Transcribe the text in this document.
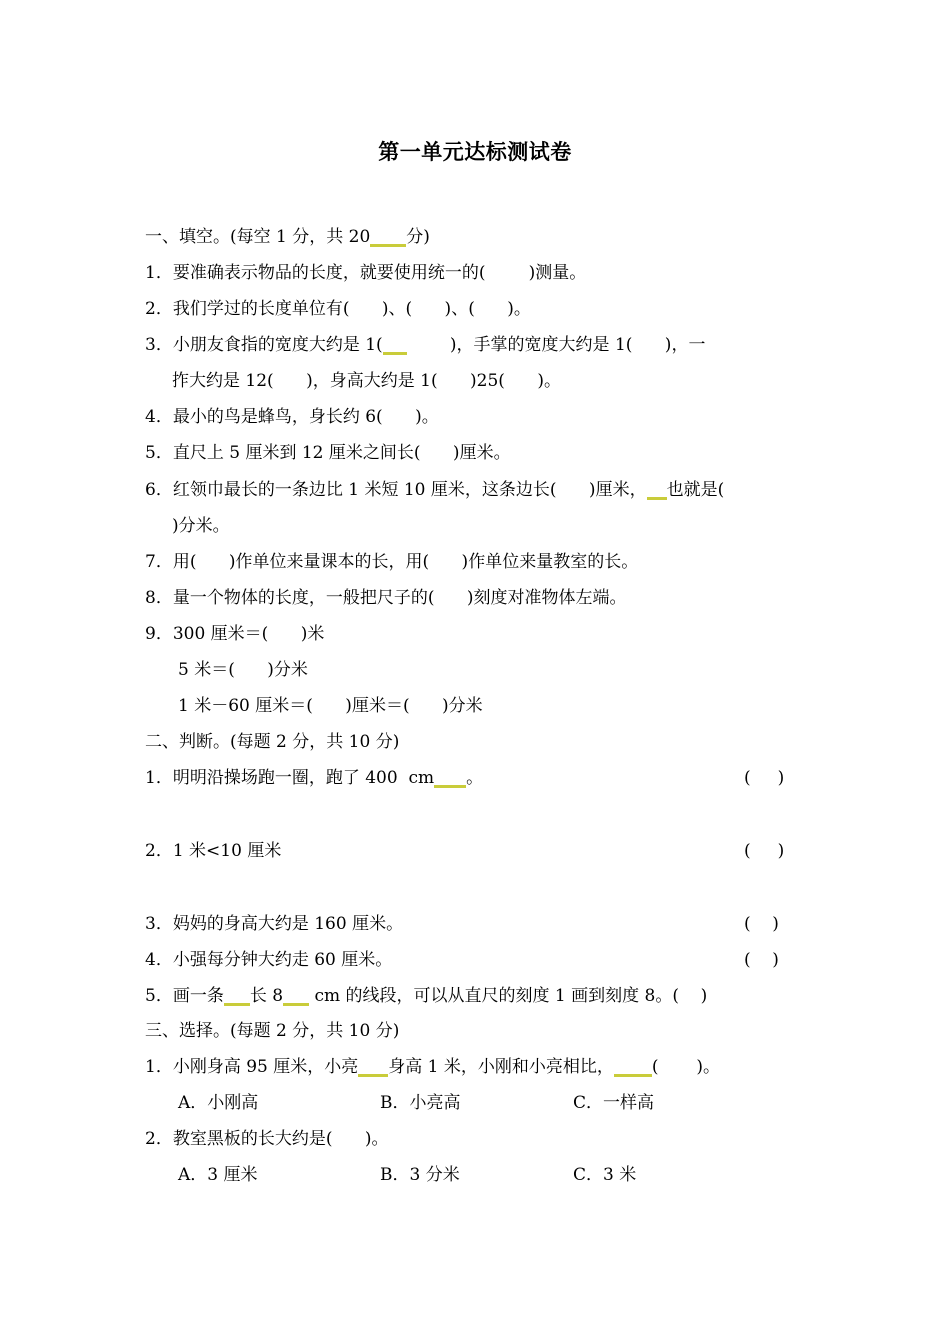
第一单元达标测试卷
一、填空。(每空 1 分，共 20 分)
1．要准确表示物品的长度，就要使用统一的(        )测量。
2．我们学过的长度单位有(      )、(      )、(      )。
3．小朋友食指的宽度大约是 1(         )，手掌的宽度大约是 1(      )，一
拃大约是 12(      )，身高大约是 1(      )25(      )。
4．最小的鸟是蜂鸟，身长约 6(      )。
5．直尺上 5 厘米到 12 厘米之间长(      )厘米。
6．红领巾最长的一条边比 1 米短 10 厘米，这条边长(      )厘米， 也就是(
)分米。
7．用(      )作单位来量课本的长，用(      )作单位来量教室的长。
8．量一个物体的长度，一般把尺子的(      )刻度对准物体左端。
9．300 厘米＝(      )米
5 米＝(      )分米
1 米－60 厘米＝(      )厘米＝(      )分米
二、判断。(每题 2 分，共 10 分)
1．明明沿操场跑一圈，跑了 400  cm 。	(     )
2．1 米<10 厘米	(     )
3．妈妈的身高大约是 160 厘米。	(    )
4．小强每分钟大约走 60 厘米。	(    )
5．画一条 长 8  cm 的线段，可以从直尺的刻度 1 画到刻度 8。(    )
三、选择。(每题 2 分，共 10 分)
1．小刚身高 95 厘米，小亮 身高 1 米，小刚和小亮相比， (       )。
A．小刚高	B．小亮高	C．一样高
2．教室黑板的长大约是(      )。
A．3 厘米	B．3 分米	C．3 米
